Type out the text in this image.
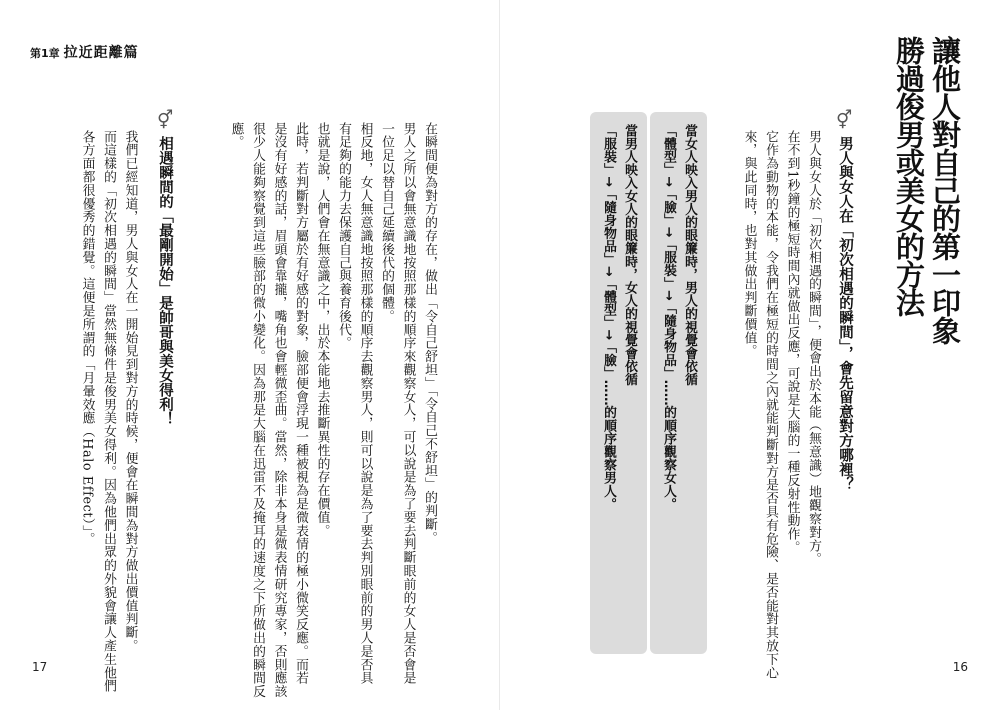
第1章 拉近距離篇
在瞬間便為對方的存在，做出「令自己舒坦」「令自己不舒坦」的判斷。
男人之所以會無意識地按照那樣的順序來觀察女人，可以說是為了要去判斷眼前的女人是否會是
一位足以替自己延續後代的個體。
相反地，女人無意識地按照那樣的順序去觀察男人，則可以說是為了要去判別眼前的男人是否具
有足夠的能力去保護自己與養育後代。
也就是說，人們會在無意識之中，出於本能地去推斷異性的存在價值。
此時，若判斷對方屬於有好感的對象，臉部便會浮現一種被視為是微表情的極小微笑反應。而若
是沒有好感的話，眉頭會靠攏，嘴角也會輕微歪曲。當然，除非本身是微表情研究專家，否則應該
很少人能夠察覺到這些臉部的微小變化。因為那是大腦在迅雷不及掩耳的速度之下所做出的瞬間反
應。
⚥
相遇瞬間的「最剛開始」是帥哥與美女得利！
我們已經知道，男人與女人在一開始見到對方的時候，便會在瞬間為對方做出價值判斷。
而這樣的「初次相遇的瞬間」當然無條件是俊男美女得利。因為他們出眾的外貌會讓人產生他們
各方面都很優秀的錯覺。這便是所謂的「月暈效應（Halo Effect）」。
17
讓他人對自己的第一印象
勝過俊男或美女的方法
⚥
男人與女人在「初次相遇的瞬間」，會先留意對方哪裡？
男人與女人於「初次相遇的瞬間」，便會出於本能（無意識）地觀察對方。
在不到1秒鐘的極短時間內就做出反應，可說是大腦的一種反射性動作。
它作為動物的本能，令我們在極短的時間之內就能判斷對方是否具有危險、是否能對其放下心
來，與此同時，也對其做出判斷價值。
當女人映入男人的眼簾時，男人的視覺會依循
「體型」→「臉」→「服裝」→「隨身物品」……的順序觀察女人。
當男人映入女人的眼簾時，女人的視覺會依循
「服裝」→「隨身物品」→「體型」→「臉」……的順序觀察男人。
16
